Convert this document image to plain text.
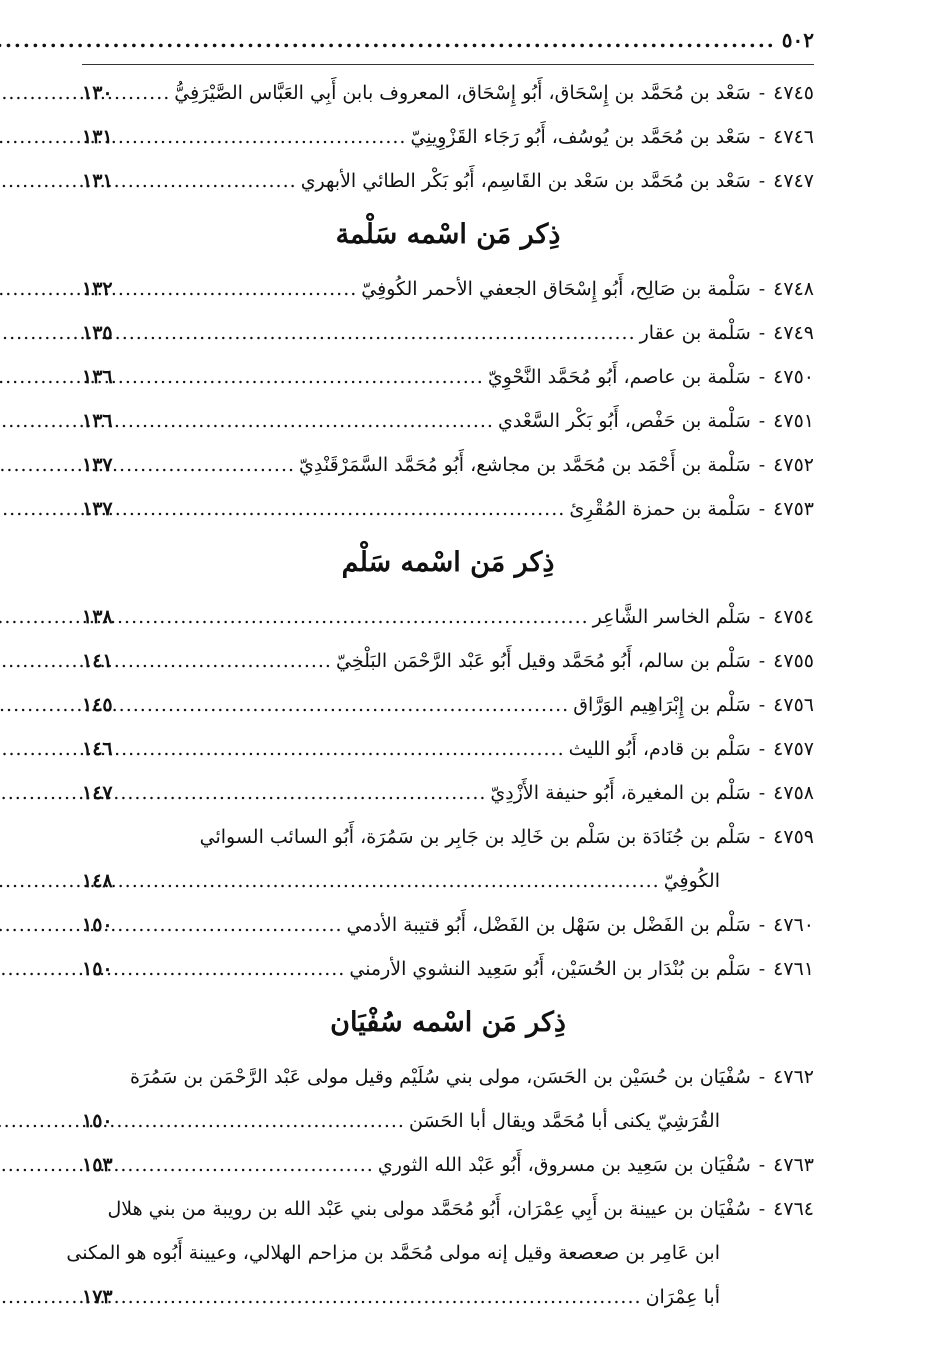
٥٠٢
.....
٤٧٤٥
-
سَعْد بن مُحَمَّد بن إِسْحَاق، أَبُو إِسْحَاق، المعروف بابن أَبِي العَبَّاس الصَّيْرَفِيُّ
.....
١٣٠
٤٧٤٦
-
سَعْد بن مُحَمَّد بن يُوسُف، أَبُو رَجَاء القَزْوِينِيّ
.....
١٣١
٤٧٤٧
-
سَعْد بن مُحَمَّد بن سَعْد بن القَاسِم، أَبُو بَكْر الطائي الأبهري
.....
١٣١
ذِكر مَن اسْمه سَلْمة
٤٧٤٨
-
سَلْمة بن صَالِح، أَبُو إِسْحَاق الجعفي الأحمر الكُوفِيّ
.....
١٣٢
٤٧٤٩
-
سَلْمة بن عقار
.....
١٣٥
٤٧٥٠
-
سَلْمة بن عاصم، أَبُو مُحَمَّد النَّحْوِيّ
.....
١٣٦
٤٧٥١
-
سَلْمة بن حَفْص، أَبُو بَكْر السَّعْدي
.....
١٣٦
٤٧٥٢
-
سَلْمة بن أَحْمَد بن مُحَمَّد بن مجاشع، أَبُو مُحَمَّد السَّمَرْقَنْدِيّ
.....
١٣٧
٤٧٥٣
-
سَلْمة بن حمزة المُقْرِئ
.....
١٣٧
ذِكر مَن اسْمه سَلْم
٤٧٥٤
-
سَلْم الخاسر الشَّاعِر
.....
١٣٨
٤٧٥٥
-
سَلْم بن سالم، أَبُو مُحَمَّد وقيل أَبُو عَبْد الرَّحْمَن البَلْخِيّ
.....
١٤١
٤٧٥٦
-
سَلْم بن إِبْرَاهِيم الوَرَّاق
.....
١٤٥
٤٧٥٧
-
سَلْم بن قادم، أَبُو الليث
.....
١٤٦
٤٧٥٨
-
سَلْم بن المغيرة، أَبُو حنيفة الأَزْدِيّ
.....
١٤٧
٤٧٥٩
-
سَلْم بن جُنَادَة بن سَلْم بن خَالِد بن جَابِر بن سَمُرَة، أَبُو السائب السوائي
الكُوفِيّ
.....
١٤٨
٤٧٦٠
-
سَلْم بن الفَضْل بن سَهْل بن الفَضْل، أَبُو قتيبة الأدمي
.....
١٥٠
٤٧٦١
-
سَلْم بن بُنْدَار بن الحُسَيْن، أَبُو سَعِيد النشوي الأرمني
.....
١٥٠
ذِكر مَن اسْمه سُفْيَان
٤٧٦٢
-
سُفْيَان بن حُسَيْن بن الحَسَن، مولى بني سُلَيْم وقيل مولى عَبْد الرَّحْمَن بن سَمُرَة
القُرَشِيّ يكنى أبا مُحَمَّد ويقال أبا الحَسَن
.....
١٥٠
٤٧٦٣
-
سُفْيَان بن سَعِيد بن مسروق، أَبُو عَبْد الله الثوري
.....
١٥٣
٤٧٦٤
-
سُفْيَان بن عيينة بن أَبِي عِمْرَان، أَبُو مُحَمَّد مولى بني عَبْد الله بن رويبة من بني هلال
ابن عَامِر بن صعصعة وقيل إنه مولى مُحَمَّد بن مزاحم الهلالي، وعيينة أَبُوه هو المكنى
أبا عِمْرَان
.....
١٧٣
